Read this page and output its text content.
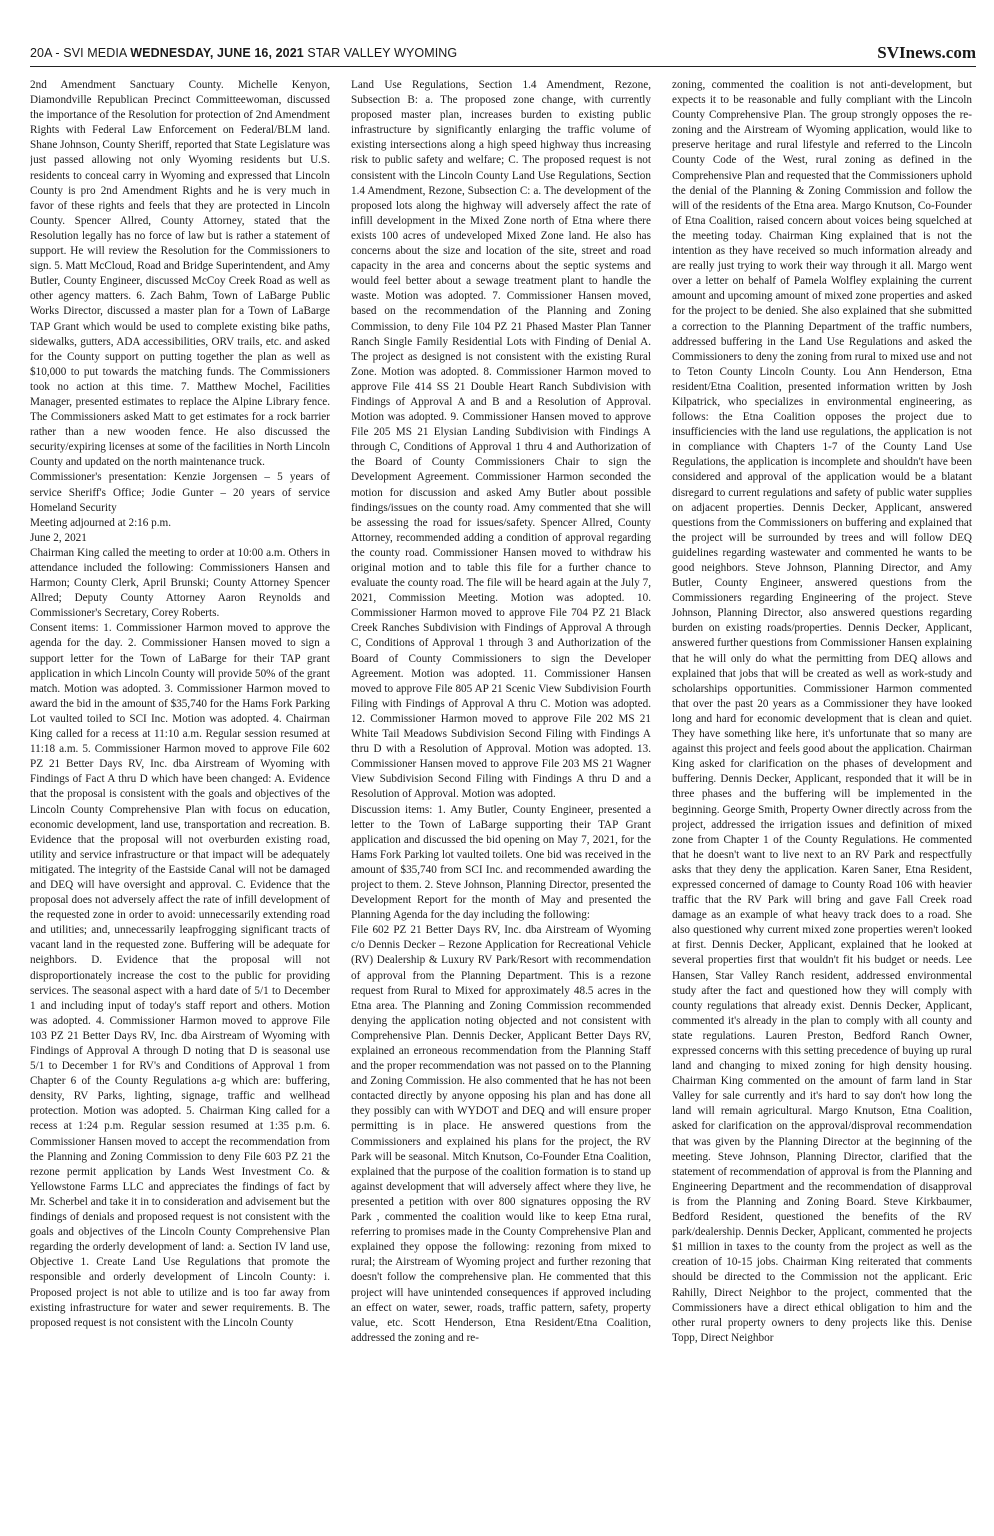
20A - SVI MEDIA WEDNESDAY, JUNE 16, 2021 STAR VALLEY WYOMING	SVInews.com

2nd Amendment Sanctuary County. Michelle Kenyon, Diamondville Republican Precinct Committeewoman, discussed the importance of the Resolution for protection of 2nd Amendment Rights with Federal Law Enforcement on Federal/BLM land. Shane Johnson, County Sheriff, reported that State Legislature was just passed allowing not only Wyoming residents but U.S. residents to conceal carry in Wyoming and expressed that Lincoln County is pro 2nd Amendment Rights and he is very much in favor of these rights and feels that they are protected in Lincoln County. Spencer Allred, County Attorney, stated that the Resolution legally has no force of law but is rather a statement of support. He will review the Resolution for the Commissioners to sign. 5. Matt McCloud, Road and Bridge Superintendent, and Amy Butler, County Engineer, discussed McCoy Creek Road as well as other agency matters. 6. Zach Bahm, Town of LaBarge Public Works Director, discussed a master plan for a Town of LaBarge TAP Grant which would be used to complete existing bike paths, sidewalks, gutters, ADA accessibilities, ORV trails, etc. and asked for the County support on putting together the plan as well as $10,000 to put towards the matching funds. The Commissioners took no action at this time. 7. Matthew Mochel, Facilities Manager, presented estimates to replace the Alpine Library fence. The Commissioners asked Matt to get estimates for a rock barrier rather than a new wooden fence. He also discussed the security/expiring licenses at some of the facilities in North Lincoln County and updated on the north maintenance truck.

Commissioner's presentation: Kenzie Jorgensen – 5 years of service Sheriff's Office; Jodie Gunter – 20 years of service Homeland Security

Meeting adjourned at 2:16 p.m.

June 2, 2021

Chairman King called the meeting to order at 10:00 a.m. Others in attendance included the following: Commissioners Hansen and Harmon; County Clerk, April Brunski; County Attorney Spencer Allred; Deputy County Attorney Aaron Reynolds and Commissioner's Secretary, Corey Roberts.

Consent items: 1. Commissioner Harmon moved to approve the agenda for the day. 2. Commissioner Hansen moved to sign a support letter for the Town of LaBarge for their TAP grant application in which Lincoln County will provide 50% of the grant match. Motion was adopted. 3. Commissioner Harmon moved to award the bid in the amount of $35,740 for the Hams Fork Parking Lot vaulted toiled to SCI Inc. Motion was adopted. 4. Chairman King called for a recess at 11:10 a.m. Regular session resumed at 11:18 a.m. 5. Commissioner Harmon moved to approve File 602 PZ 21 Better Days RV, Inc. dba Airstream of Wyoming with Findings of Fact A thru D which have been changed: A. Evidence that the proposal is consistent with the goals and objectives of the Lincoln County Comprehensive Plan with focus on education, economic development, land use, transportation and recreation. B. Evidence that the proposal will not overburden existing road, utility and service infrastructure or that impact will be adequately mitigated. The integrity of the Eastside Canal will not be damaged and DEQ will have oversight and approval. C. Evidence that the proposal does not adversely affect the rate of infill development of the requested zone in order to avoid: unnecessarily extending road and utilities; and, unnecessarily leapfrogging significant tracts of vacant land in the requested zone. Buffering will be adequate for neighbors. D. Evidence that the proposal will not disproportionately increase the cost to the public for providing services. The seasonal aspect with a hard date of 5/1 to December 1 and including input of today's staff report and others. Motion was adopted. 4. Commissioner Harmon moved to approve File 103 PZ 21 Better Days RV, Inc. dba Airstream of Wyoming with Findings of Approval A through D noting that D is seasonal use 5/1 to December 1 for RV's and Conditions of Approval 1 from Chapter 6 of the County Regulations a-g which are: buffering, density, RV Parks, lighting, signage, traffic and wellhead protection. Motion was adopted. 5. Chairman King called for a recess at 1:24 p.m. Regular session resumed at 1:35 p.m. 6. Commissioner Hansen moved to accept the recommendation from the Planning and Zoning Commission to deny File 603 PZ 21 the rezone permit application by Lands West Investment Co. & Yellowstone Farms LLC and appreciates the findings of fact by Mr. Scherbel and take it in to consideration and advisement but the findings of denials and proposed request is not consistent with the goals and objectives of the Lincoln County Comprehensive Plan regarding the orderly development of land: a. Section IV land use, Objective 1. Create Land Use Regulations that promote the responsible and orderly development of Lincoln County: i. Proposed project is not able to utilize and is too far away from existing infrastructure for water and sewer requirements. B. The proposed request is not consistent with the Lincoln County

Land Use Regulations, Section 1.4 Amendment, Rezone, Subsection B: a. The proposed zone change, with currently proposed master plan, increases burden to existing public infrastructure by significantly enlarging the traffic volume of existing intersections along a high speed highway thus increasing risk to public safety and welfare; C. The proposed request is not consistent with the Lincoln County Land Use Regulations, Section 1.4 Amendment, Rezone, Subsection C: a. The development of the proposed lots along the highway will adversely affect the rate of infill development in the Mixed Zone north of Etna where there exists 100 acres of undeveloped Mixed Zone land. He also has concerns about the size and location of the site, street and road capacity in the area and concerns about the septic systems and would feel better about a sewage treatment plant to handle the waste. Motion was adopted. 7. Commissioner Hansen moved, based on the recommendation of the Planning and Zoning Commission, to deny File 104 PZ 21 Phased Master Plan Tanner Ranch Single Family Residential Lots with Finding of Denial A. The project as designed is not consistent with the existing Rural Zone. Motion was adopted. 8. Commissioner Harmon moved to approve File 414 SS 21 Double Heart Ranch Subdivision with Findings of Approval A and B and a Resolution of Approval. Motion was adopted. 9. Commissioner Hansen moved to approve File 205 MS 21 Elysian Landing Subdivision with Findings A through C, Conditions of Approval 1 thru 4 and Authorization of the Board of County Commissioners Chair to sign the Development Agreement. Commissioner Harmon seconded the motion for discussion and asked Amy Butler about possible findings/issues on the county road. Amy commented that she will be assessing the road for issues/safety. Spencer Allred, County Attorney, recommended adding a condition of approval regarding the county road. Commissioner Hansen moved to withdraw his original motion and to table this file for a further chance to evaluate the county road. The file will be heard again at the July 7, 2021, Commission Meeting. Motion was adopted. 10. Commissioner Harmon moved to approve File 704 PZ 21 Black Creek Ranches Subdivision with Findings of Approval A through C, Conditions of Approval 1 through 3 and Authorization of the Board of County Commissioners to sign the Developer Agreement. Motion was adopted. 11. Commissioner Hansen moved to approve File 805 AP 21 Scenic View Subdivision Fourth Filing with Findings of Approval A thru C. Motion was adopted. 12. Commissioner Harmon moved to approve File 202 MS 21 White Tail Meadows Subdivision Second Filing with Findings A thru D with a Resolution of Approval. Motion was adopted. 13. Commissioner Hansen moved to approve File 203 MS 21 Wagner View Subdivision Second Filing with Findings A thru D and a Resolution of Approval. Motion was adopted.

Discussion items: 1. Amy Butler, County Engineer, presented a letter to the Town of LaBarge supporting their TAP Grant application and discussed the bid opening on May 7, 2021, for the Hams Fork Parking lot vaulted toilets. One bid was received in the amount of $35,740 from SCI Inc. and recommended awarding the project to them. 2. Steve Johnson, Planning Director, presented the Development Report for the month of May and presented the Planning Agenda for the day including the following:

File 602 PZ 21 Better Days RV, Inc. dba Airstream of Wyoming c/o Dennis Decker – Rezone Application for Recreational Vehicle (RV) Dealership & Luxury RV Park/Resort with recommendation of approval from the Planning Department. This is a rezone request from Rural to Mixed for approximately 48.5 acres in the Etna area. The Planning and Zoning Commission recommended denying the application noting objected and not consistent with Comprehensive Plan. Dennis Decker, Applicant Better Days RV, explained an erroneous recommendation from the Planning Staff and the proper recommendation was not passed on to the Planning and Zoning Commission. He also commented that he has not been contacted directly by anyone opposing his plan and has done all they possibly can with WYDOT and DEQ and will ensure proper permitting is in place. He answered questions from the Commissioners and explained his plans for the project, the RV Park will be seasonal. Mitch Knutson, Co-Founder Etna Coalition, explained that the purpose of the coalition formation is to stand up against development that will adversely affect where they live, he presented a petition with over 800 signatures opposing the RV Park , commented the coalition would like to keep Etna rural, referring to promises made in the County Comprehensive Plan and explained they oppose the following: rezoning from mixed to rural; the Airstream of Wyoming project and further rezoning that doesn't follow the comprehensive plan. He commented that this project will have unintended consequences if approved including an effect on water, sewer, roads, traffic pattern, safety, property value, etc. Scott Henderson, Etna Resident/Etna Coalition, addressed the zoning and re-

zoning, commented the coalition is not anti-development, but expects it to be reasonable and fully compliant with the Lincoln County Comprehensive Plan. The group strongly opposes the re-zoning and the Airstream of Wyoming application, would like to preserve heritage and rural lifestyle and referred to the Lincoln County Code of the West, rural zoning as defined in the Comprehensive Plan and requested that the Commissioners uphold the denial of the Planning & Zoning Commission and follow the will of the residents of the Etna area. Margo Knutson, Co-Founder of Etna Coalition, raised concern about voices being squelched at the meeting today. Chairman King explained that is not the intention as they have received so much information already and are really just trying to work their way through it all. Margo went over a letter on behalf of Pamela Wolfley explaining the current amount and upcoming amount of mixed zone properties and asked for the project to be denied. She also explained that she submitted a correction to the Planning Department of the traffic numbers, addressed buffering in the Land Use Regulations and asked the Commissioners to deny the zoning from rural to mixed use and not to Teton County Lincoln County. Lou Ann Henderson, Etna resident/Etna Coalition, presented information written by Josh Kilpatrick, who specializes in environmental engineering, as follows: the Etna Coalition opposes the project due to insufficiencies with the land use regulations, the application is not in compliance with Chapters 1-7 of the County Land Use Regulations, the application is incomplete and shouldn't have been considered and approval of the application would be a blatant disregard to current regulations and safety of public water supplies on adjacent properties. Dennis Decker, Applicant, answered questions from the Commissioners on buffering and explained that the project will be surrounded by trees and will follow DEQ guidelines regarding wastewater and commented he wants to be good neighbors. Steve Johnson, Planning Director, and Amy Butler, County Engineer, answered questions from the Commissioners regarding Engineering of the project. Steve Johnson, Planning Director, also answered questions regarding burden on existing roads/properties. Dennis Decker, Applicant, answered further questions from Commissioner Hansen explaining that he will only do what the permitting from DEQ allows and explained that jobs that will be created as well as work-study and scholarships opportunities. Commissioner Harmon commented that over the past 20 years as a Commissioner they have looked long and hard for economic development that is clean and quiet. They have something like here, it's unfortunate that so many are against this project and feels good about the application. Chairman King asked for clarification on the phases of development and buffering. Dennis Decker, Applicant, responded that it will be in three phases and the buffering will be implemented in the beginning. George Smith, Property Owner directly across from the project, addressed the irrigation issues and definition of mixed zone from Chapter 1 of the County Regulations. He commented that he doesn't want to live next to an RV Park and respectfully asks that they deny the application. Karen Saner, Etna Resident, expressed concerned of damage to County Road 106 with heavier traffic that the RV Park will bring and gave Fall Creek road damage as an example of what heavy track does to a road. She also questioned why current mixed zone properties weren't looked at first. Dennis Decker, Applicant, explained that he looked at several properties first that wouldn't fit his budget or needs. Lee Hansen, Star Valley Ranch resident, addressed environmental study after the fact and questioned how they will comply with county regulations that already exist. Dennis Decker, Applicant, commented it's already in the plan to comply with all county and state regulations. Lauren Preston, Bedford Ranch Owner, expressed concerns with this setting precedence of buying up rural land and changing to mixed zoning for high density housing. Chairman King commented on the amount of farm land in Star Valley for sale currently and it's hard to say don't how long the land will remain agricultural. Margo Knutson, Etna Coalition, asked for clarification on the approval/disproval recommendation that was given by the Planning Director at the beginning of the meeting. Steve Johnson, Planning Director, clarified that the statement of recommendation of approval is from the Planning and Engineering Department and the recommendation of disapproval is from the Planning and Zoning Board. Steve Kirkbaumer, Bedford Resident, questioned the benefits of the RV park/dealership. Dennis Decker, Applicant, commented he projects $1 million in taxes to the county from the project as well as the creation of 10-15 jobs. Chairman King reiterated that comments should be directed to the Commission not the applicant. Eric Rahilly, Direct Neighbor to the project, commented that the Commissioners have a direct ethical obligation to him and the other rural property owners to deny projects like this. Denise Topp, Direct Neighbor
